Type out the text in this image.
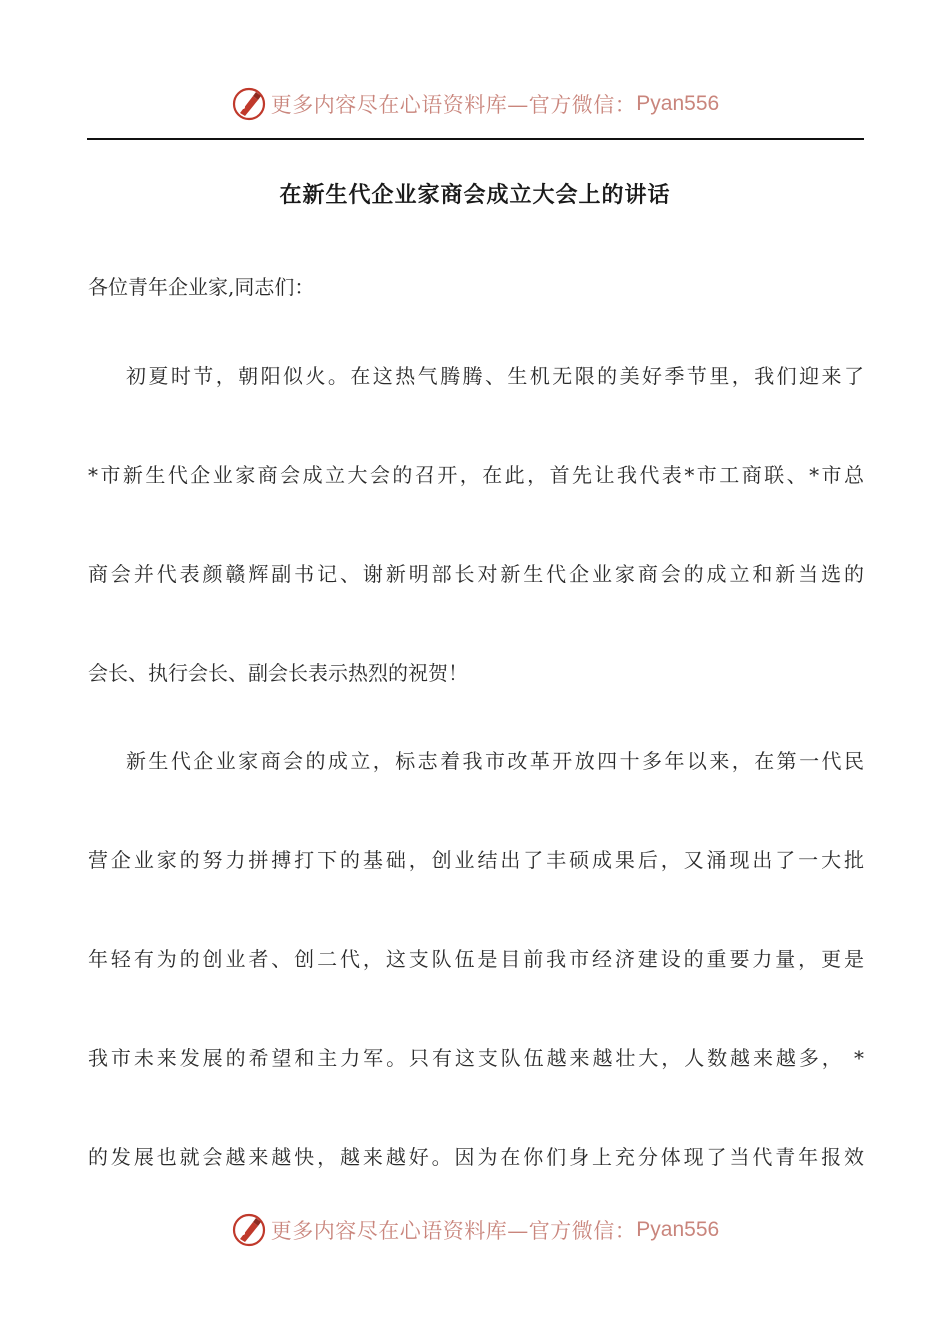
更多内容尽在心语资料库—官方微信： Pyan556
在新生代企业家商会成立大会上的讲话
各位青年企业家,同志们：
初夏时节，朝阳似火。在这热气腾腾、生机无限的美好季节里，我们迎来了
*市新生代企业家商会成立大会的召开，在此，首先让我代表*市工商联、*市总
商会并代表颜赣辉副书记、谢新明部长对新生代企业家商会的成立和新当选的
会长、执行会长、副会长表示热烈的祝贺！
新生代企业家商会的成立，标志着我市改革开放四十多年以来，在第一代民
营企业家的努力拼搏打下的基础，创业结出了丰硕成果后，又涌现出了一大批
年轻有为的创业者、创二代，这支队伍是目前我市经济建设的重要力量，更是
我市未来发展的希望和主力军。只有这支队伍越来越壮大，人数越来越多， *
的发展也就会越来越快，越来越好。因为在你们身上充分体现了当代青年报效
更多内容尽在心语资料库—官方微信： Pyan556
